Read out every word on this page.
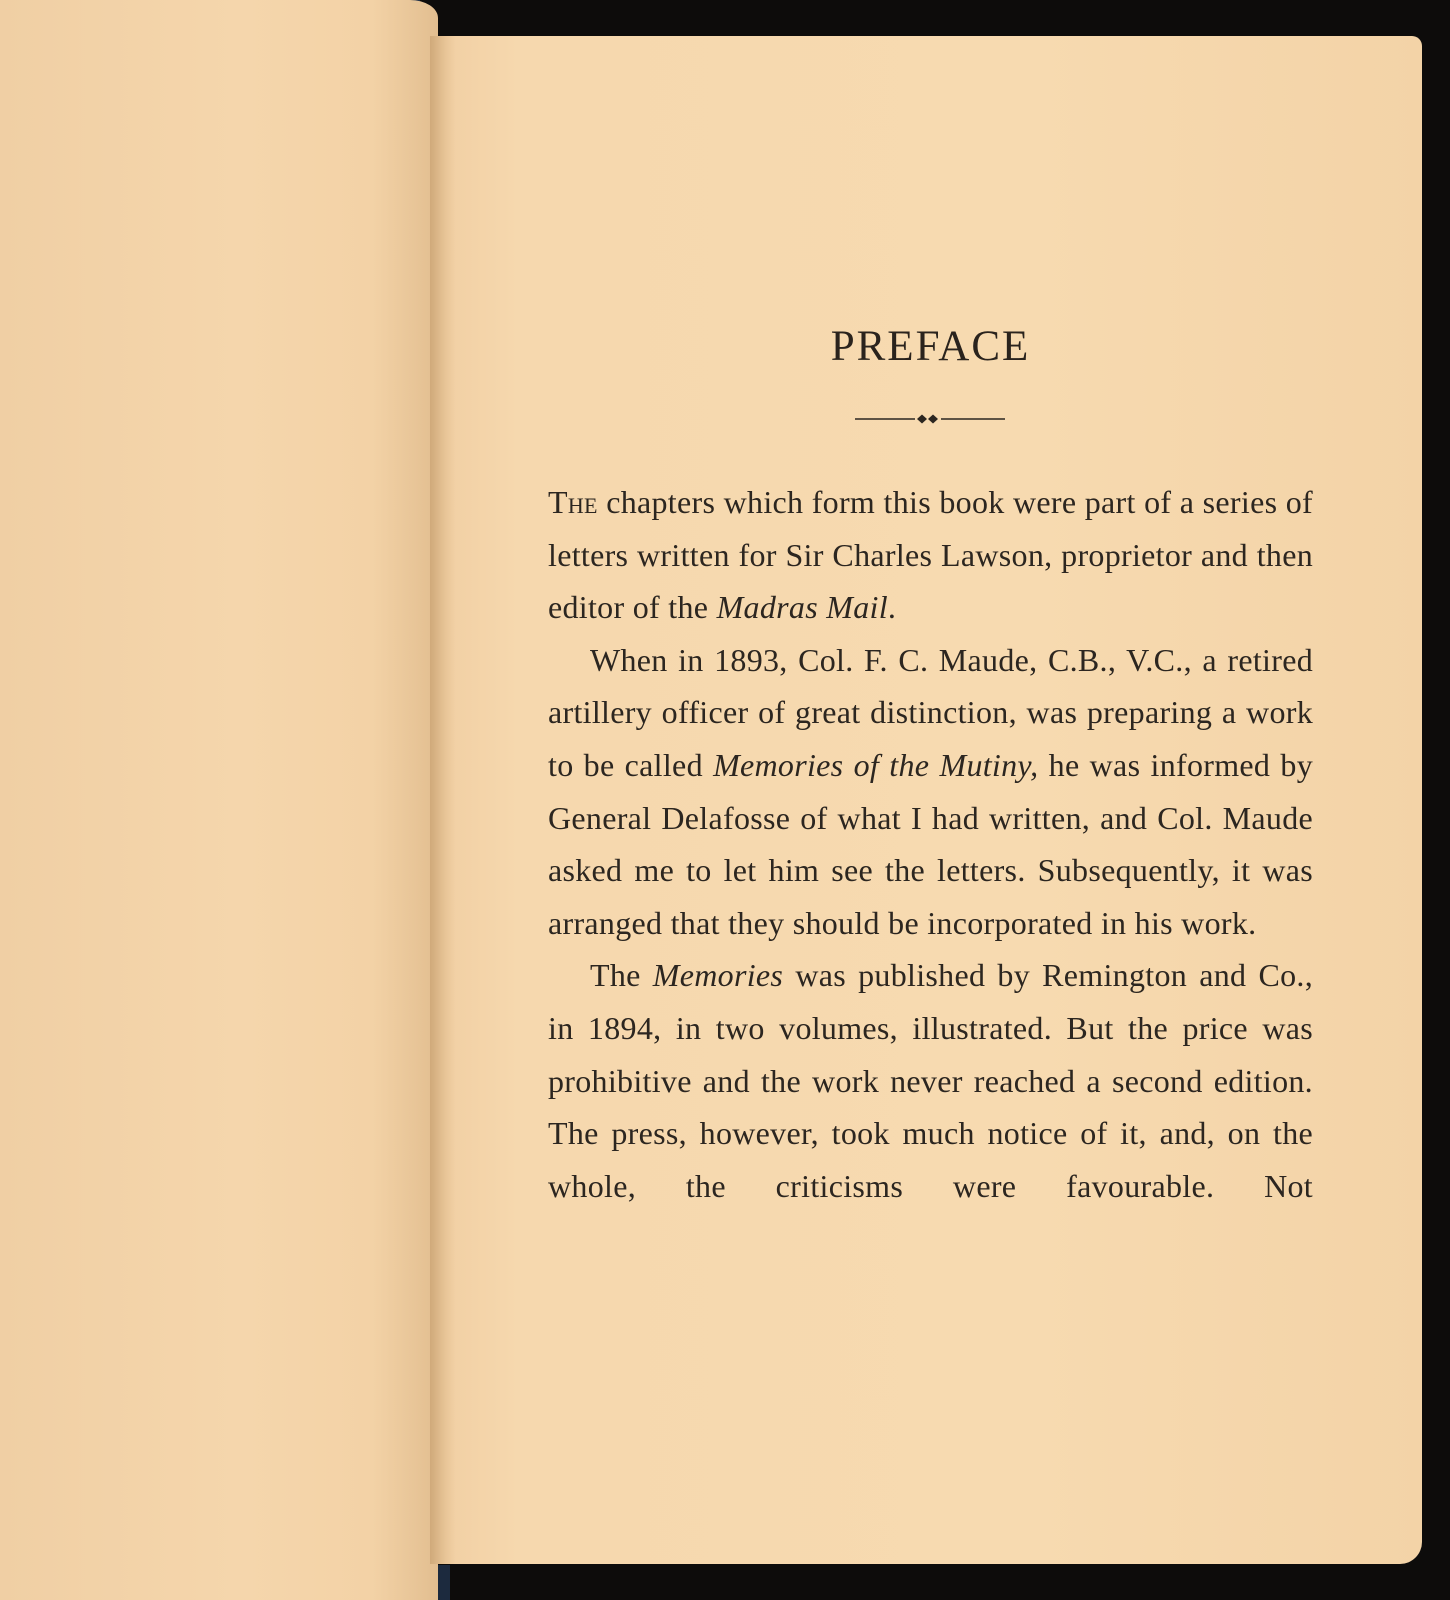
PREFACE

The chapters which form this book were part of a series of letters written for Sir Charles Lawson, proprietor and then editor of the Madras Mail.

When in 1893, Col. F. C. Maude, C.B., V.C., a retired artillery officer of great distinction, was preparing a work to be called Memories of the Mutiny, he was informed by General Delafosse of what I had written, and Col. Maude asked me to let him see the letters. Subsequently, it was arranged that they should be incorporated in his work.

The Memories was published by Remington and Co., in 1894, in two volumes, illustrated. But the price was prohibitive and the work never reached a second edition. The press, however, took much notice of it, and, on the whole, the criticisms were favourable. Not
